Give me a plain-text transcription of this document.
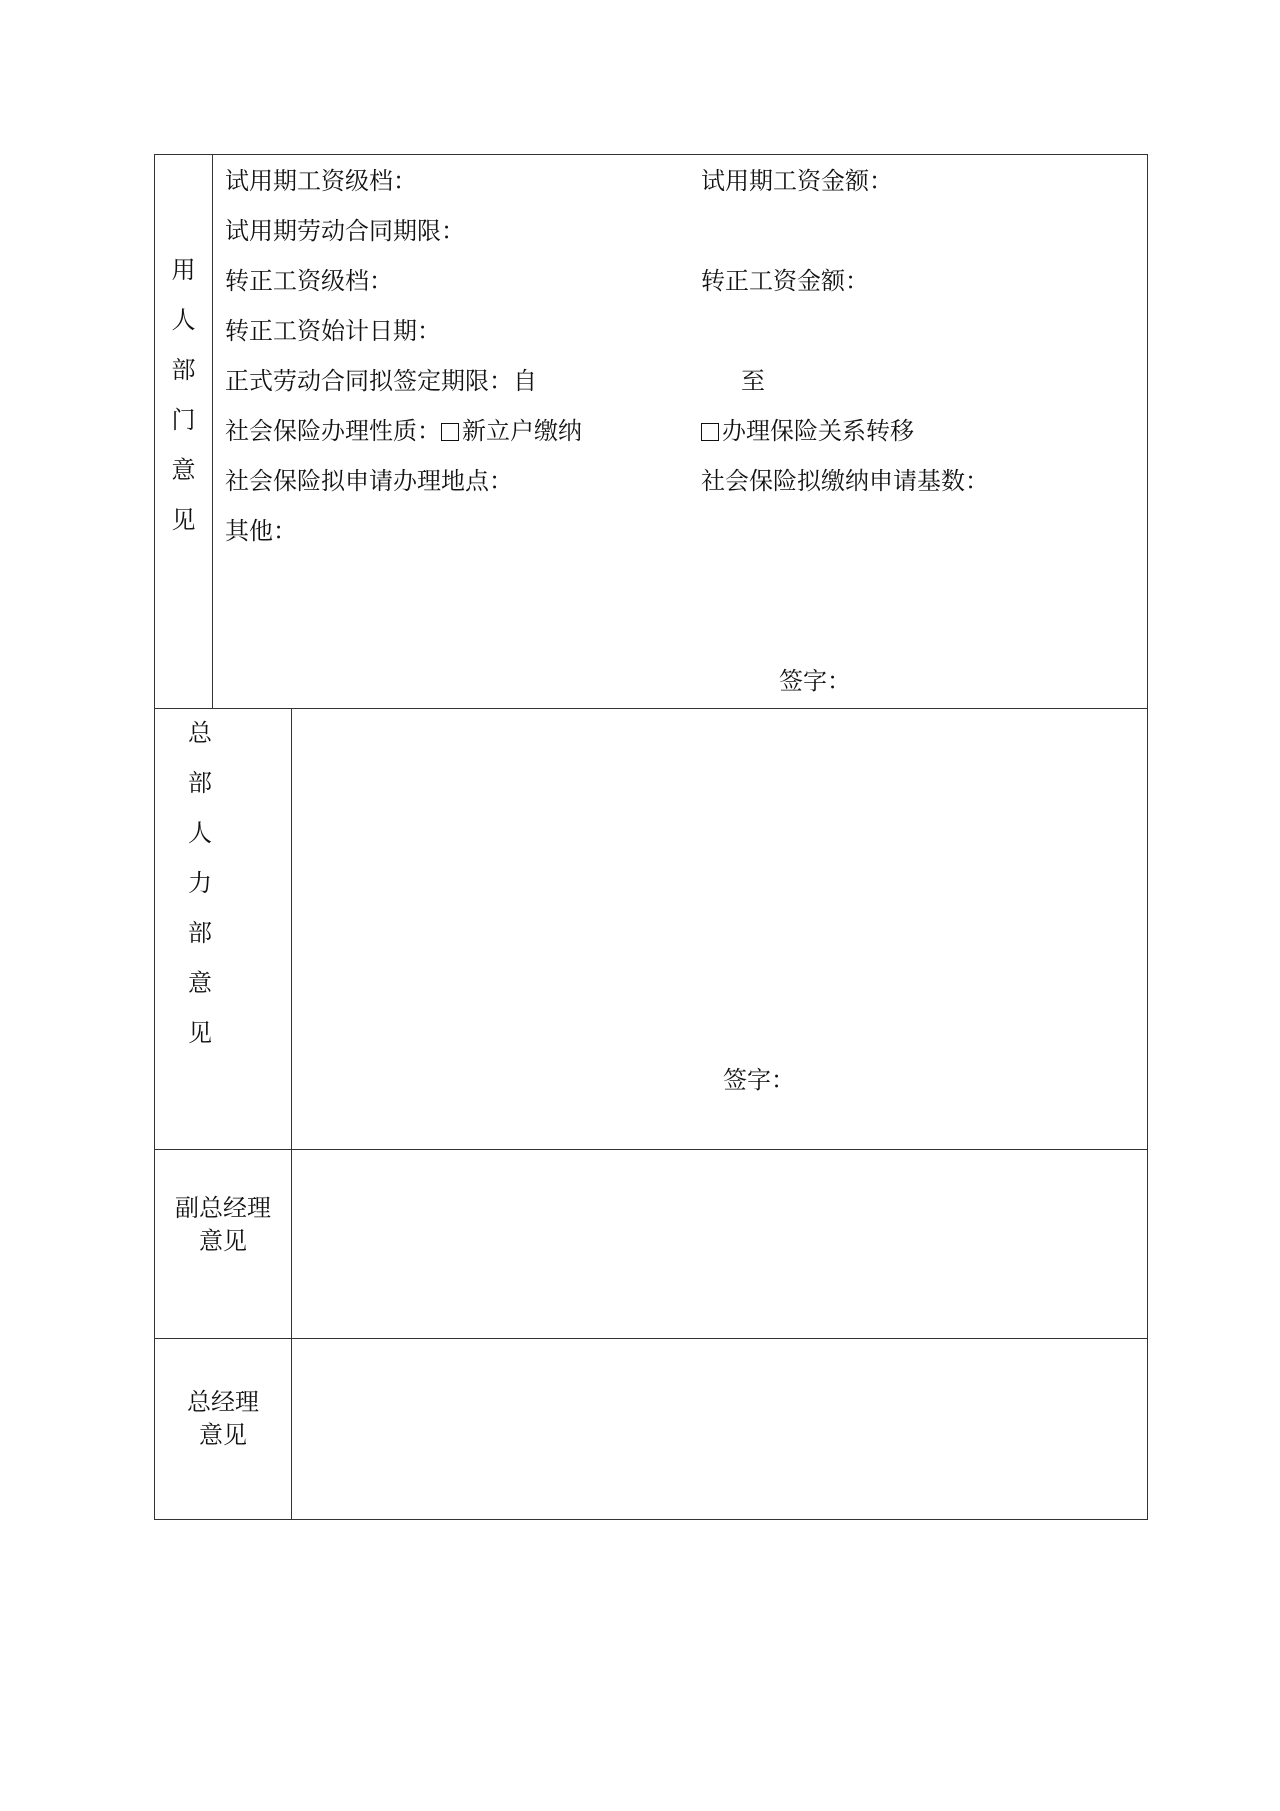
用
人
部
门
意
见
试用期工资级档：	试用期工资金额：
试用期劳动合同期限：
转正工资级档：	转正工资金额：
转正工资始计日期：
正式劳动合同拟签定期限：自	至
社会保险办理性质： 新立户缴纳	办理保险关系转移
社会保险拟申请办理地点：	社会保险拟缴纳申请基数：
其他：
签字：
总
部
人
力
部
意
见
签字：
副总经理
意见
总经理
意见
